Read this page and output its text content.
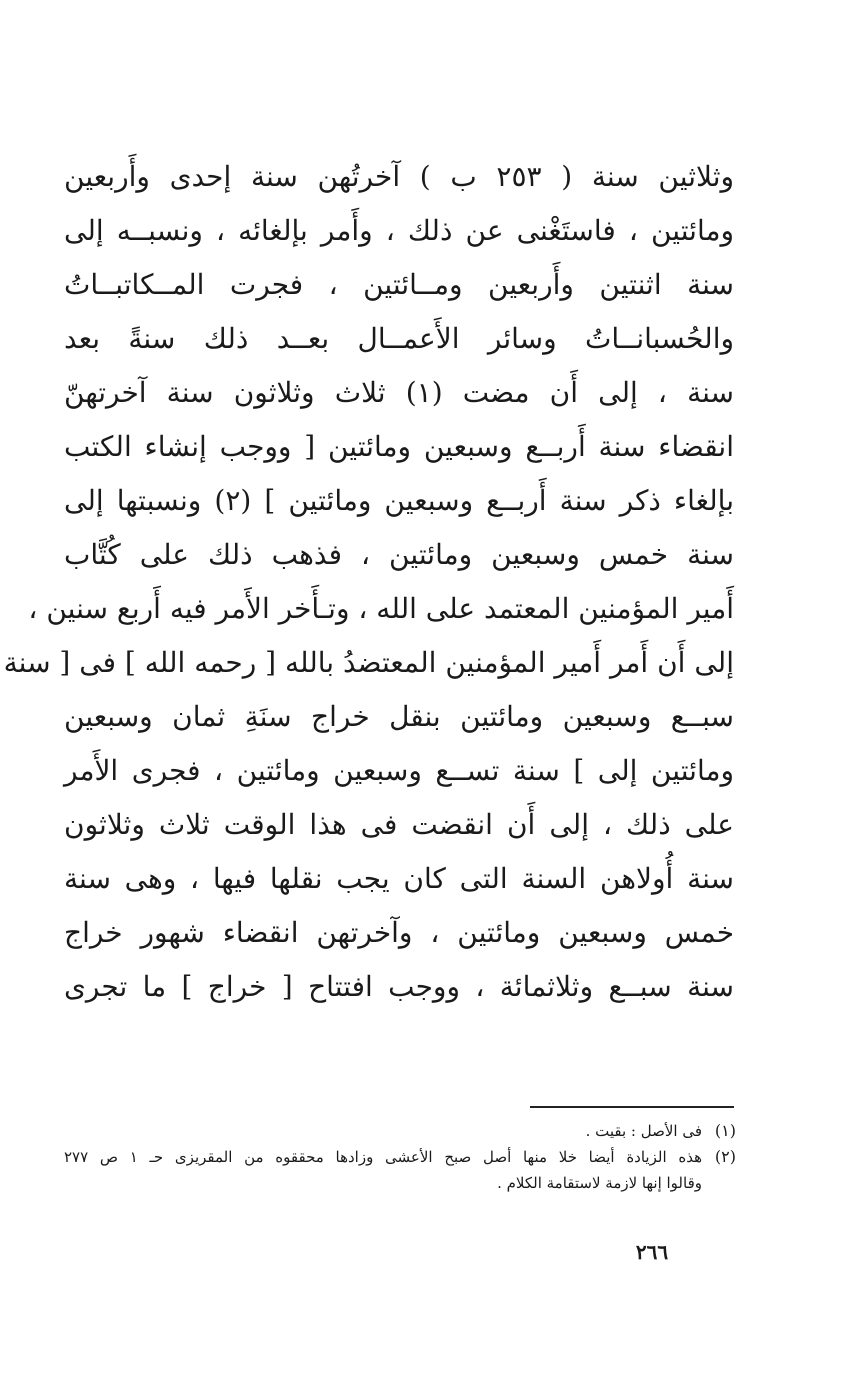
وثلاثين سنة ( ٢٥٣ ب ) آخرتُهن سنة إحدى وأَربعين
ومائتين ، فاستَغْنى عن ذلك ، وأَمر بإلغائه ، ونسبــه إلى
سنة اثنتين وأَربعين ومــائتين ، فجرت المــكاتبــاتُ
والحُسبانــاتُ وسائر الأَعمــال بعــد ذلك سنةً بعد
سنة ، إلى أَن مضت (١) ثلاث وثلاثون سنة آخرتهنّ
انقضاء سنة أَربــع وسبعين ومائتين [ ووجب إنشاء الكتب
بإلغاء ذكر سنة أَربــع وسبعين ومائتين ] (٢) ونسبتها إلى
سنة خمس وسبعين ومائتين ، فذهب ذلك على كُتَّاب
أَمير المؤمنين المعتمد على الله ، وتـأَخر الأَمر فيه أَربع سنين ،
إلى أَن أَمر أَمير المؤمنين المعتضدُ بالله [ رحمه الله ] فى [ سنة
سبــع وسبعين ومائتين بنقل خراج سنَةِ ثمان وسبعين
ومائتين إلى ] سنة تســع وسبعين ومائتين ، فجرى الأَمر
على ذلك ، إلى أَن انقضت فى هذا الوقت ثلاث وثلاثون
سنة أُولاهن السنة التى كان يجب نقلها فيها ، وهى سنة
خمس وسبعين ومائتين ، وآخرتهن انقضاء شهور خراج
سنة سبــع وثلاثمائة ، ووجب افتتاح [ خراج ] ما تجرى
(١)
فى الأصل : بقيت .
(٢)
هذه الزيادة أيضا خلا منها أصل صبح الأعشى وزادها محققوه من المقريزى حـ ١ ص ٢٧٧
وقالوا إنها لازمة لاستقامة الكلام .
٢٦٦
